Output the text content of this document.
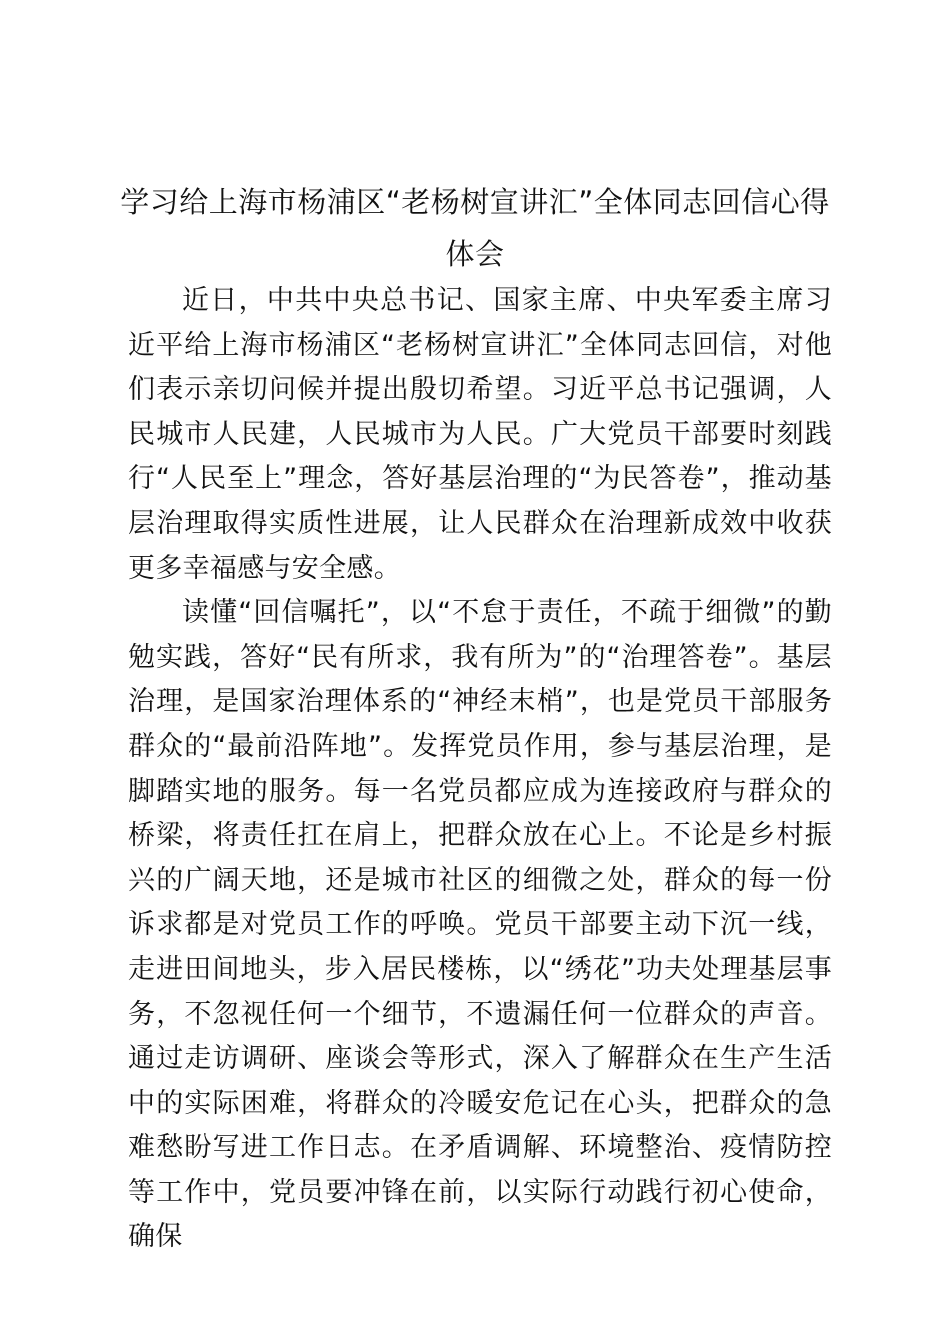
学习给上海市杨浦区“老杨树宣讲汇”全体同志回信心得体会

近日，中共中央总书记、国家主席、中央军委主席习近平给上海市杨浦区“老杨树宣讲汇”全体同志回信，对他们表示亲切问候并提出殷切希望。习近平总书记强调，人民城市人民建，人民城市为人民。广大党员干部要时刻践行“人民至上”理念，答好基层治理的“为民答卷”，推动基层治理取得实质性进展，让人民群众在治理新成效中收获更多幸福感与安全感。

读懂“回信嘱托”，以“不怠于责任，不疏于细微”的勤勉实践，答好“民有所求，我有所为”的“治理答卷”。基层治理，是国家治理体系的“神经末梢”，也是党员干部服务群众的“最前沿阵地”。发挥党员作用，参与基层治理，是脚踏实地的服务。每一名党员都应成为连接政府与群众的桥梁，将责任扛在肩上，把群众放在心上。不论是乡村振兴的广阔天地，还是城市社区的细微之处，群众的每一份诉求都是对党员工作的呼唤。党员干部要主动下沉一线，走进田间地头，步入居民楼栋，以“绣花”功夫处理基层事务，不忽视任何一个细节，不遗漏任何一位群众的声音。通过走访调研、座谈会等形式，深入了解群众在生产生活中的实际困难，将群众的冷暖安危记在心头，把群众的急难愁盼写进工作日志。在矛盾调解、环境整治、疫情防控等工作中，党员要冲锋在前，以实际行动践行初心使命，确保
